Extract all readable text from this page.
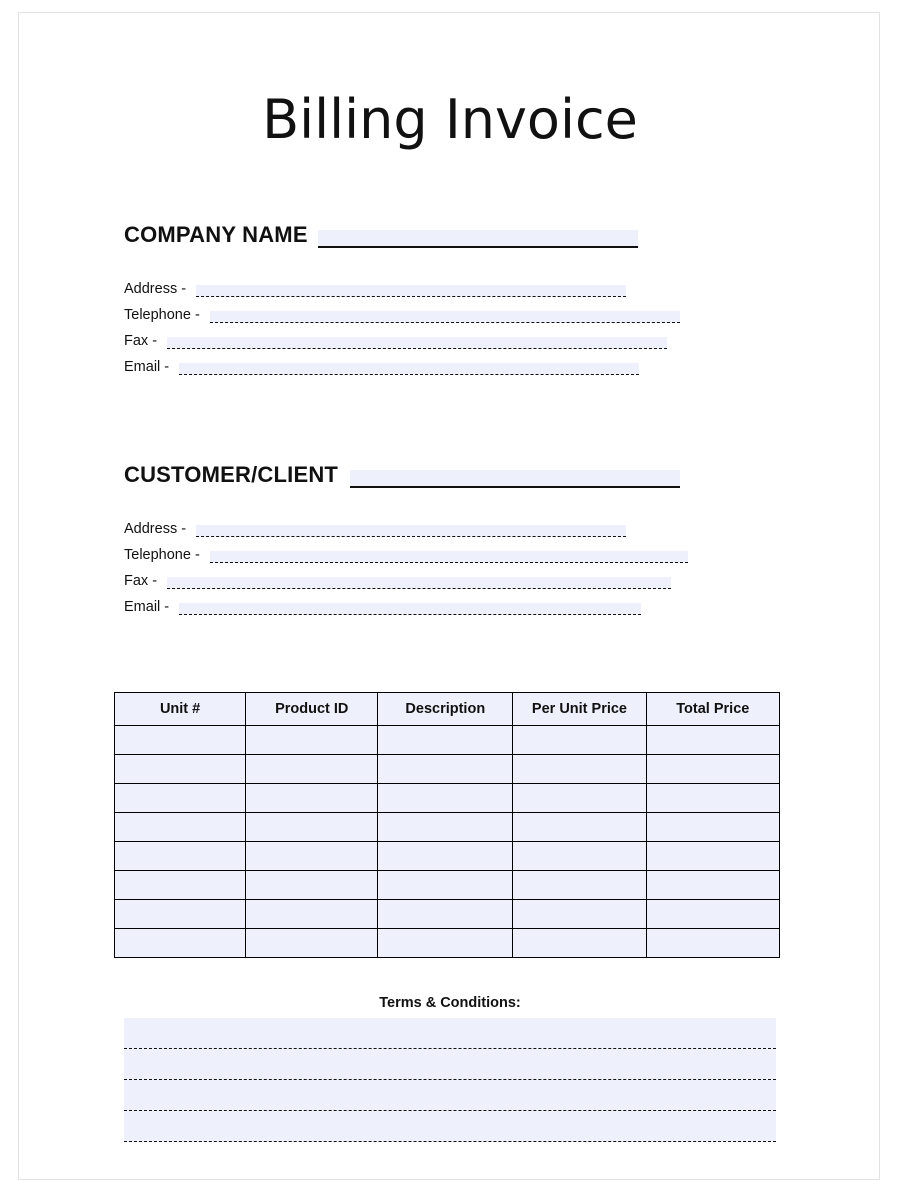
Billing Invoice
COMPANY NAME
Address -
Telephone -
Fax -
Email -
CUSTOMER/CLIENT
Address -
Telephone -
Fax -
Email -
Unit #	Product ID	Description	Per Unit Price	Total Price

Terms & Conditions:
